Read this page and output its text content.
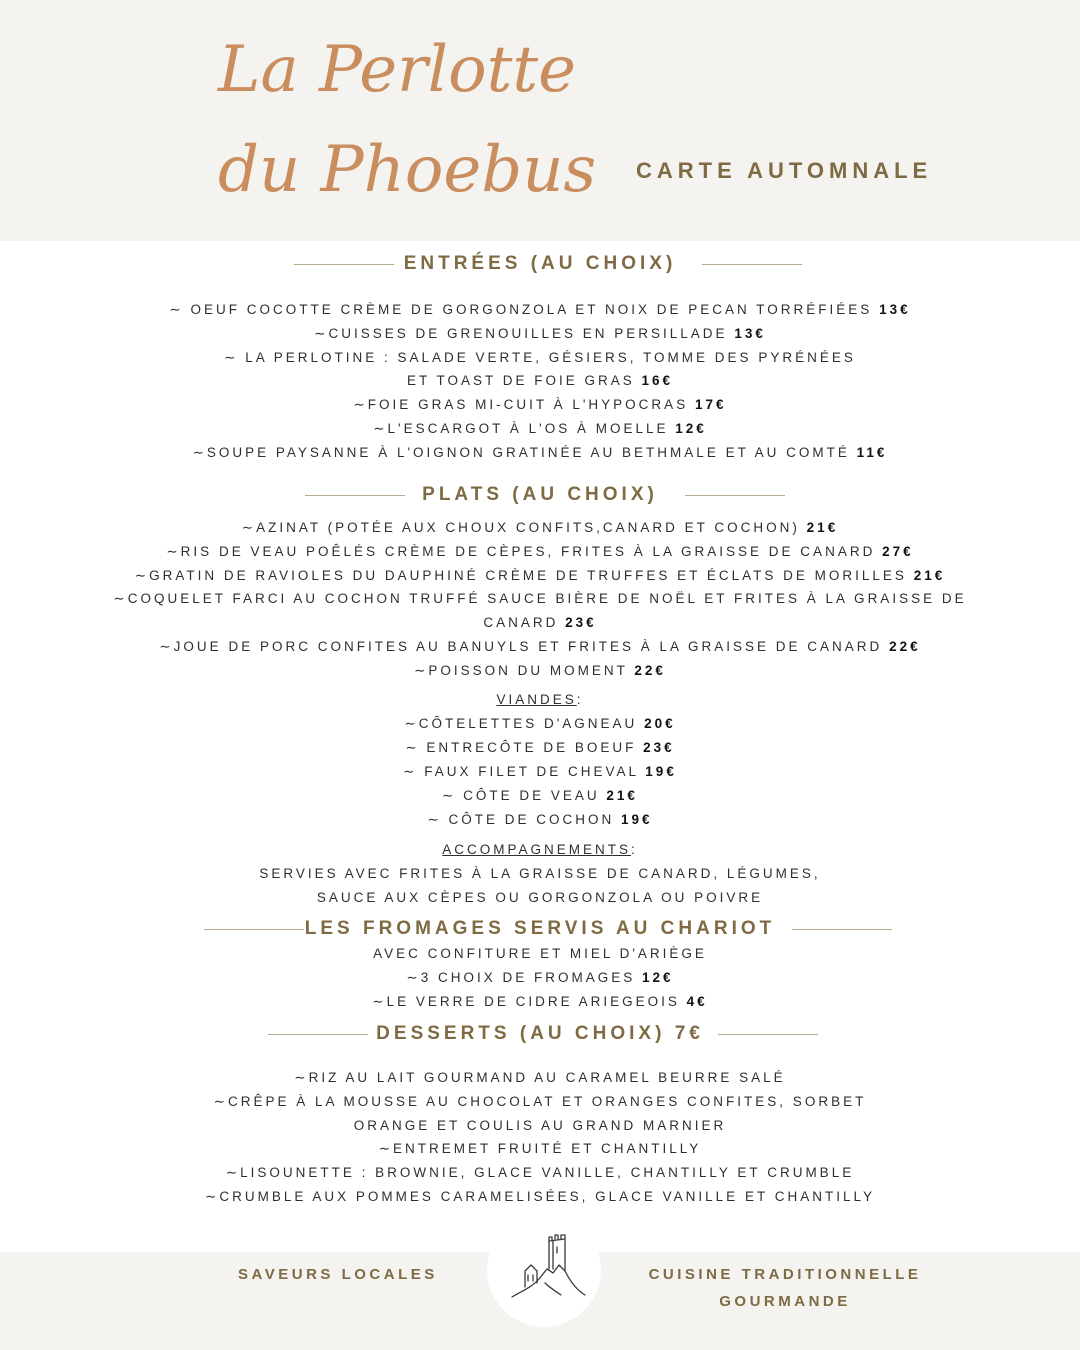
La Perlotte
du Phoebus CARTE AUTOMNALE
ENTRÉES (AU CHOIX)
∼ OEUF COCOTTE CRÈME DE GORGONZOLA ET NOIX DE PECAN TORRÉFIÉES 13€
∼CUISSES DE GRENOUILLES EN PERSILLADE 13€
∼ LA PERLOTINE : SALADE VERTE, GÉSIERS, TOMME DES PYRÉNÉES
ET TOAST DE FOIE GRAS 16€
∼FOIE GRAS MI-CUIT À L'HYPOCRAS 17€
∼L'ESCARGOT À L'OS À MOELLE 12€
∼SOUPE PAYSANNE À L'OIGNON GRATINÉE AU BETHMALE ET AU COMTÉ 11€
PLATS (AU CHOIX)
∼AZINAT (POTÉE AUX CHOUX CONFITS,CANARD ET COCHON) 21€
∼RIS DE VEAU POÊLÉS CRÈME DE CÈPES, FRITES À LA GRAISSE DE CANARD 27€
∼GRATIN DE RAVIOLES DU DAUPHINÉ CRÈME DE TRUFFES ET ÉCLATS DE MORILLES 21€
∼COQUELET FARCI AU COCHON TRUFFÉ SAUCE BIÈRE DE NOËL ET FRITES À LA GRAISSE DE
CANARD 23€
∼JOUE DE PORC CONFITES AU BANUYLS ET FRITES À LA GRAISSE DE CANARD 22€
∼POISSON DU MOMENT 22€
VIANDES:
∼CÔTELETTES D'AGNEAU 20€
∼ ENTRECÔTE DE BOEUF 23€
∼ FAUX FILET DE CHEVAL 19€
∼ CÔTE DE VEAU 21€
∼ CÔTE DE COCHON 19€
ACCOMPAGNEMENTS:
SERVIES AVEC FRITES À LA GRAISSE DE CANARD, LÉGUMES,
SAUCE AUX CÈPES OU GORGONZOLA OU POIVRE
LES FROMAGES SERVIS AU CHARIOT
AVEC CONFITURE ET MIEL D'ARIÈGE
∼3 CHOIX DE FROMAGES 12€
∼LE VERRE DE CIDRE ARIEGEOIS 4€
DESSERTS (AU CHOIX) 7€
∼RIZ AU LAIT GOURMAND AU CARAMEL BEURRE SALÉ
∼CRÊPE À LA MOUSSE AU CHOCOLAT ET ORANGES CONFITES, SORBET
ORANGE ET COULIS AU GRAND MARNIER
∼ENTREMET FRUITÉ ET CHANTILLY
∼LISOUNETTE : BROWNIE, GLACE VANILLE, CHANTILLY ET CRUMBLE
∼CRUMBLE AUX POMMES CARAMELISÉES, GLACE VANILLE ET CHANTILLY
SAVEURS LOCALES	CUISINE TRADITIONNELLE
GOURMANDE
